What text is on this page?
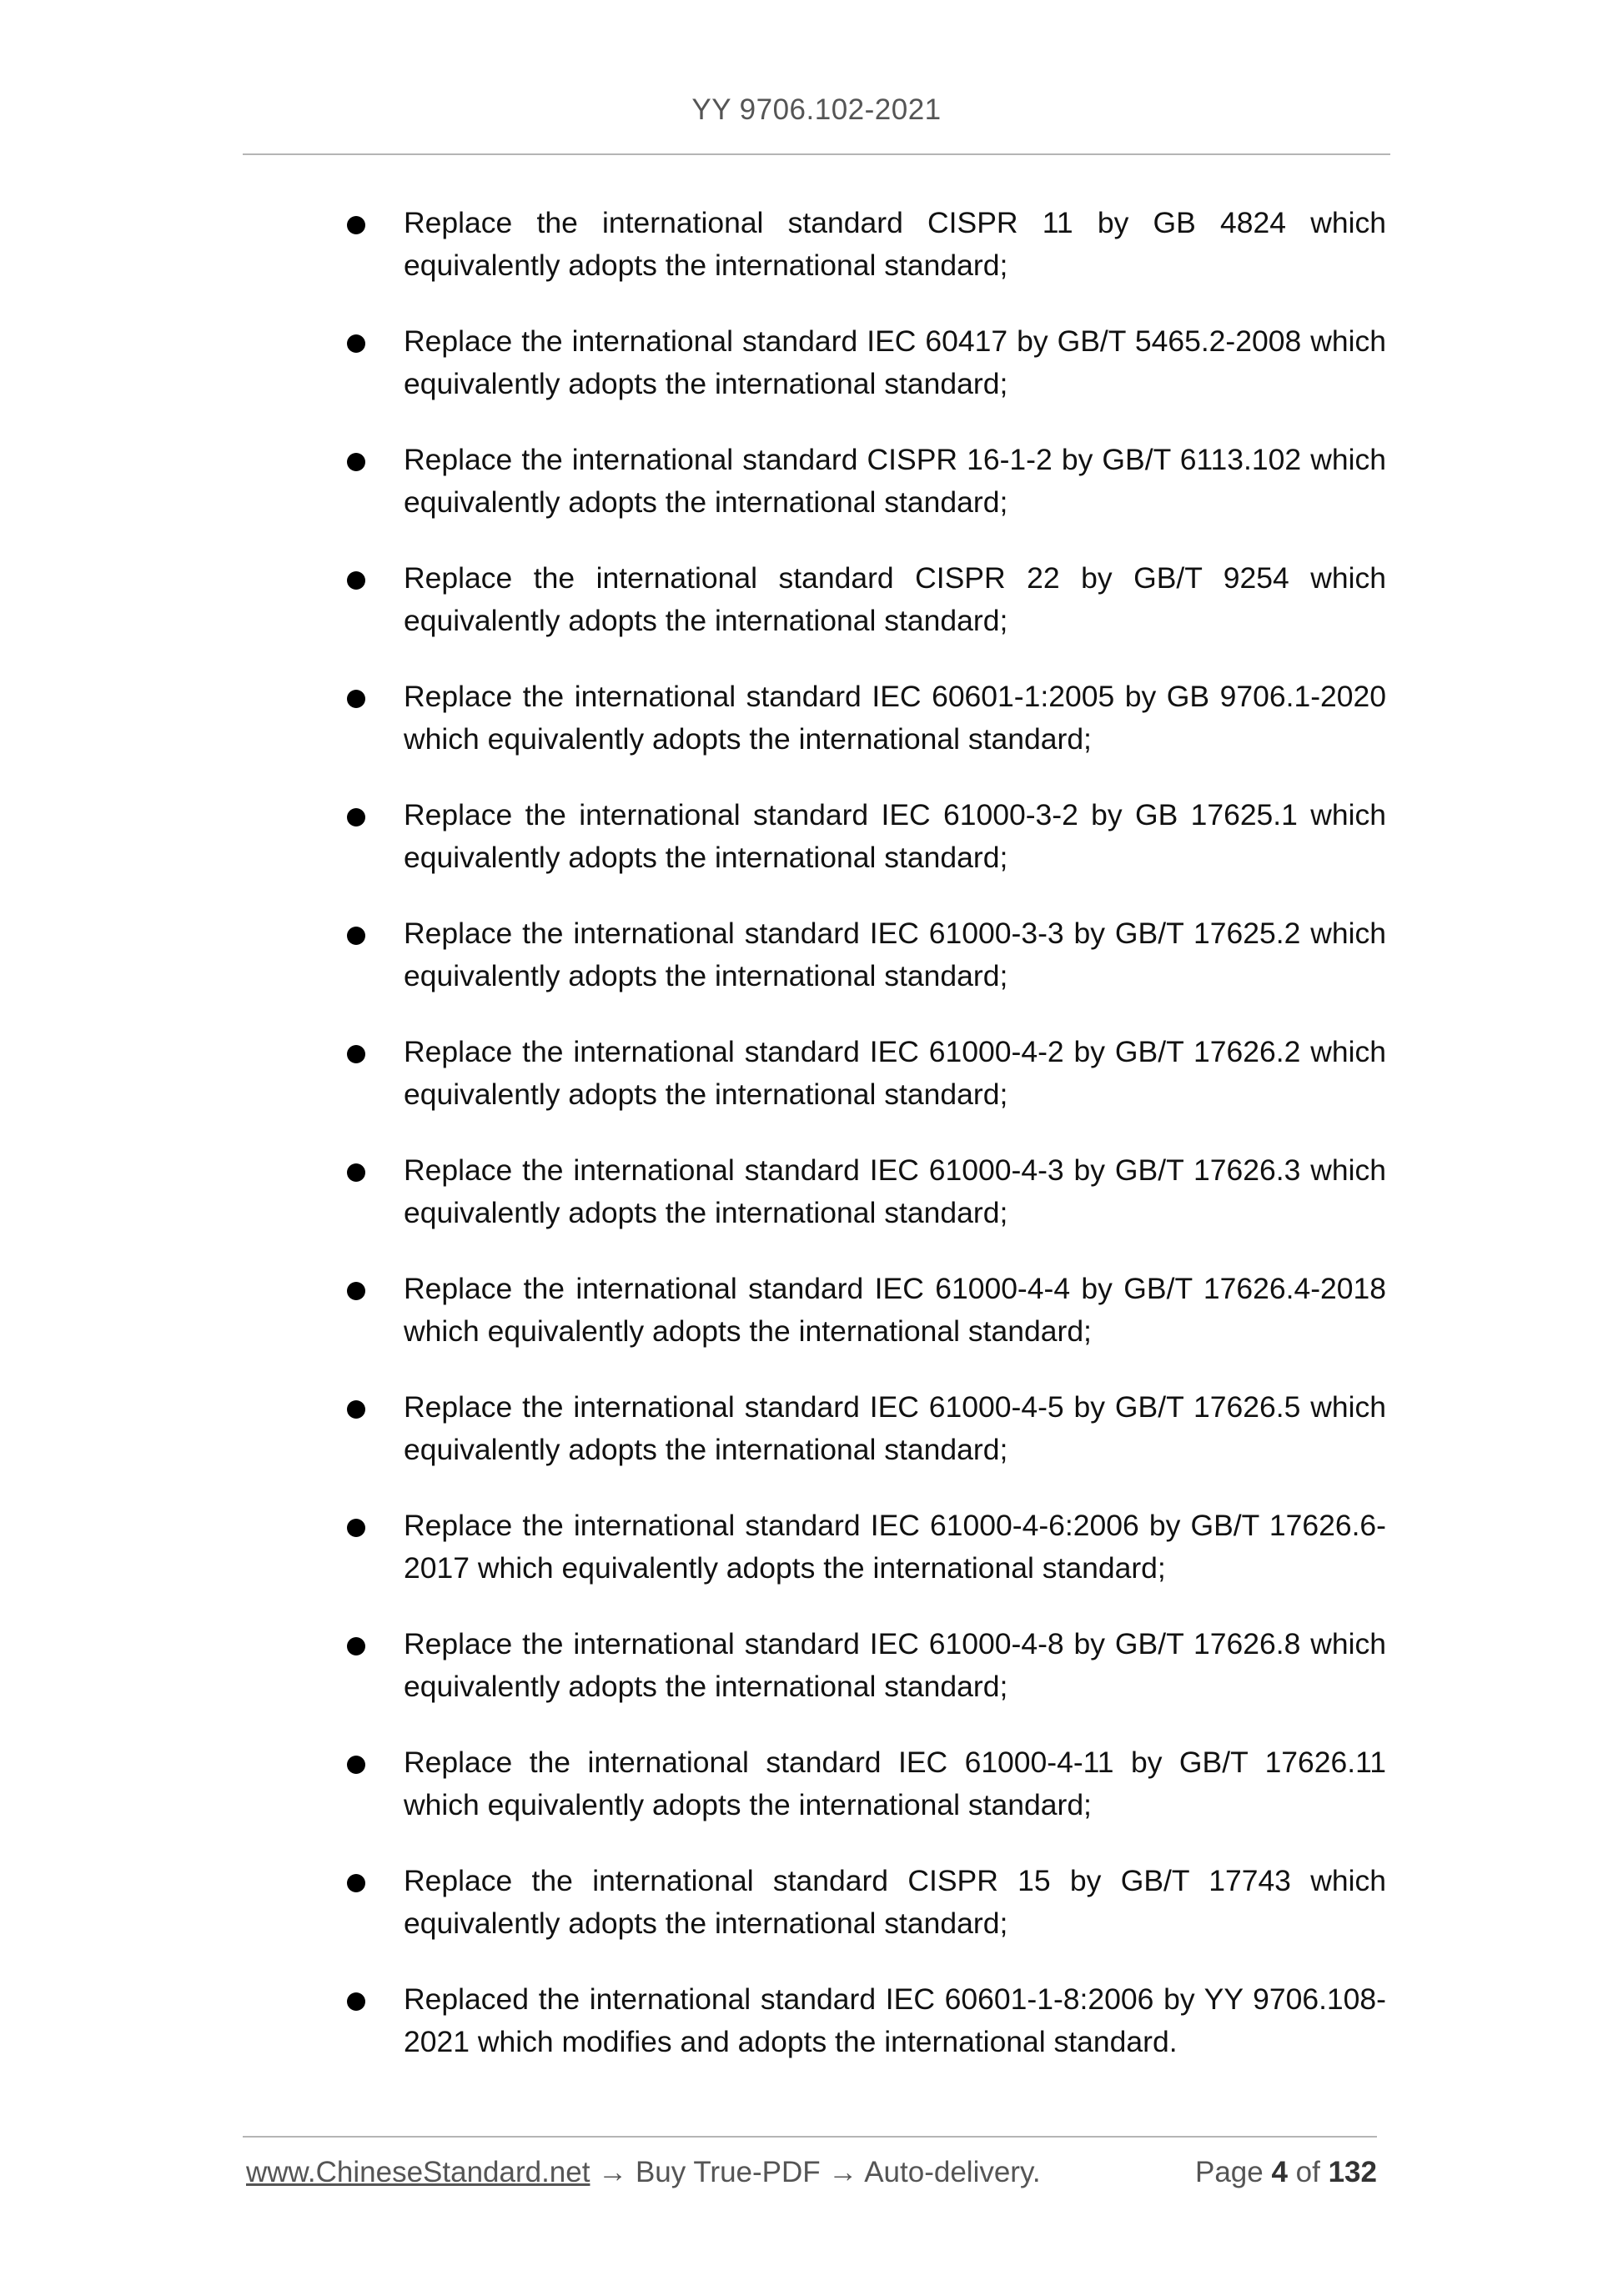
YY 9706.102-2021
Replace the international standard CISPR 11 by GB 4824 which equivalently adopts the international standard;
Replace the international standard IEC 60417 by GB/T 5465.2-2008 which equivalently adopts the international standard;
Replace the international standard CISPR 16-1-2 by GB/T 6113.102 which equivalently adopts the international standard;
Replace the international standard CISPR 22 by GB/T 9254 which equivalently adopts the international standard;
Replace the international standard IEC 60601-1:2005 by GB 9706.1-2020 which equivalently adopts the international standard;
Replace the international standard IEC 61000-3-2 by GB 17625.1 which equivalently adopts the international standard;
Replace the international standard IEC 61000-3-3 by GB/T 17625.2 which equivalently adopts the international standard;
Replace the international standard IEC 61000-4-2 by GB/T 17626.2 which equivalently adopts the international standard;
Replace the international standard IEC 61000-4-3 by GB/T 17626.3 which equivalently adopts the international standard;
Replace the international standard IEC 61000-4-4 by GB/T 17626.4-2018 which equivalently adopts the international standard;
Replace the international standard IEC 61000-4-5 by GB/T 17626.5 which equivalently adopts the international standard;
Replace the international standard IEC 61000-4-6:2006 by GB/T 17626.6-2017 which equivalently adopts the international standard;
Replace the international standard IEC 61000-4-8 by GB/T 17626.8 which equivalently adopts the international standard;
Replace the international standard IEC 61000-4-11 by GB/T 17626.11 which equivalently adopts the international standard;
Replace the international standard CISPR 15 by GB/T 17743 which equivalently adopts the international standard;
Replaced the international standard IEC 60601-1-8:2006 by YY 9706.108-2021 which modifies and adopts the international standard.
www.ChineseStandard.net → Buy True-PDF → Auto-delivery.	Page 4 of 132
